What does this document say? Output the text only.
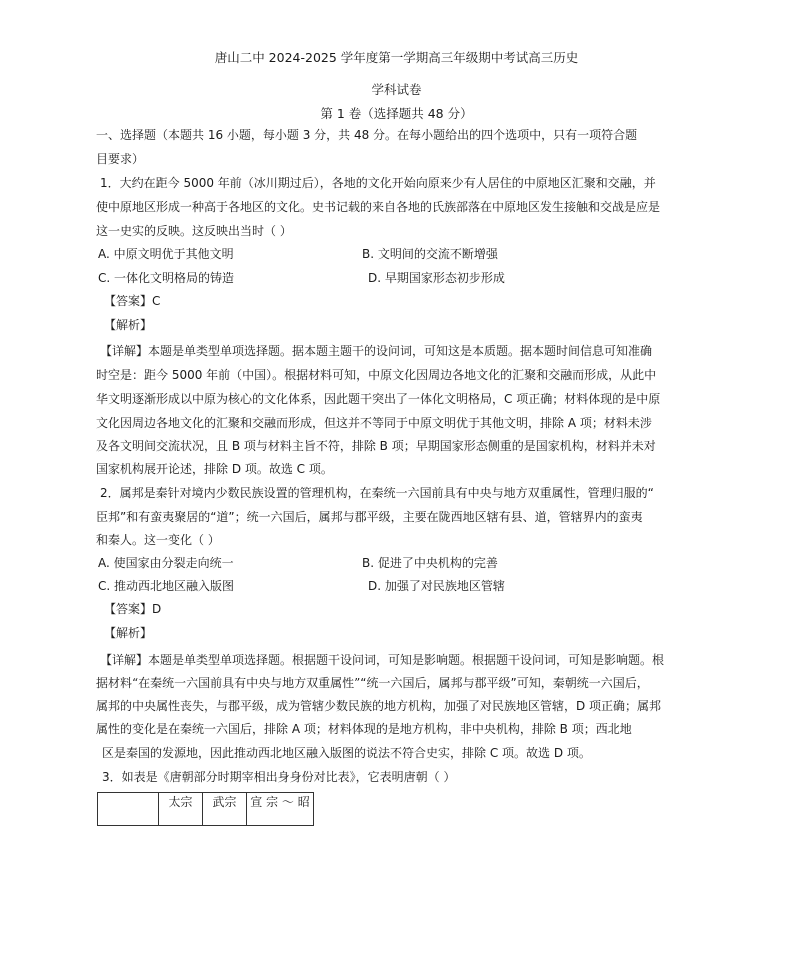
唐山二中 2024-2025 学年度第一学期高三年级期中考试高三历史
学科试卷
第 1 卷（选择题共 48 分）
一、选择题（本题共 16 小题，每小题 3 分，共 48 分。在每小题给出的四个选项中，只有一项符合题
目要求）
1．大约在距今 5000 年前（冰川期过后），各地的文化开始向原来少有人居住的中原地区汇聚和交融，并
使中原地区形成一种高于各地区的文化。史书记载的来自各地的氏族部落在中原地区发生接触和交战是应是
这一史实的反映。这反映出当时（ ）
A. 中原文明优于其他文明	B. 文明间的交流不断增强
C. 一体化文明格局的铸造	D. 早期国家形态初步形成
【答案】C
【解析】
【详解】本题是单类型单项选择题。据本题主题干的设问词，可知这是本质题。据本题时间信息可知准确
时空是：距今 5000 年前（中国）。根据材料可知，中原文化因周边各地文化的汇聚和交融而形成，从此中
华文明逐渐形成以中原为核心的文化体系，因此题干突出了一体化文明格局，C 项正确；材料体现的是中原
文化因周边各地文化的汇聚和交融而形成，但这并不等同于中原文明优于其他文明，排除 A 项；材料未涉
及各文明间交流状况，且 B 项与材料主旨不符，排除 B 项；早期国家形态侧重的是国家机构，材料并未对
国家机构展开论述，排除 D 项。故选 C 项。
2．属邦是秦针对境内少数民族设置的管理机构，在秦统一六国前具有中央与地方双重属性，管理归服的“
臣邦”和有蛮夷聚居的“道”；统一六国后，属邦与郡平级，主要在陇西地区辖有县、道，管辖界内的蛮夷
和秦人。这一变化（ ）
A. 使国家由分裂走向统一	B. 促进了中央机构的完善
C. 推动西北地区融入版图	D. 加强了对民族地区管辖
【答案】D
【解析】
【详解】本题是单类型单项选择题。根据题干设问词，可知是影响题。根据题干设问词，可知是影响题。根
据材料“在秦统一六国前具有中央与地方双重属性”“统一六国后，属邦与郡平级”可知，秦朝统一六国后，
属邦的中央属性丧失，与郡平级，成为管辖少数民族的地方机构，加强了对民族地区管辖，D 项正确；属邦
属性的变化是在秦统一六国后，排除 A 项；材料体现的是地方机构，非中央机构，排除 B 项；西北地
区是秦国的发源地，因此推动西北地区融入版图的说法不符合史实，排除 C 项。故选 D 项。
3．如表是《唐朝部分时期宰相出身身份对比表》，它表明唐朝（ ）
	太宗	武宗	宣 宗 ～ 昭
